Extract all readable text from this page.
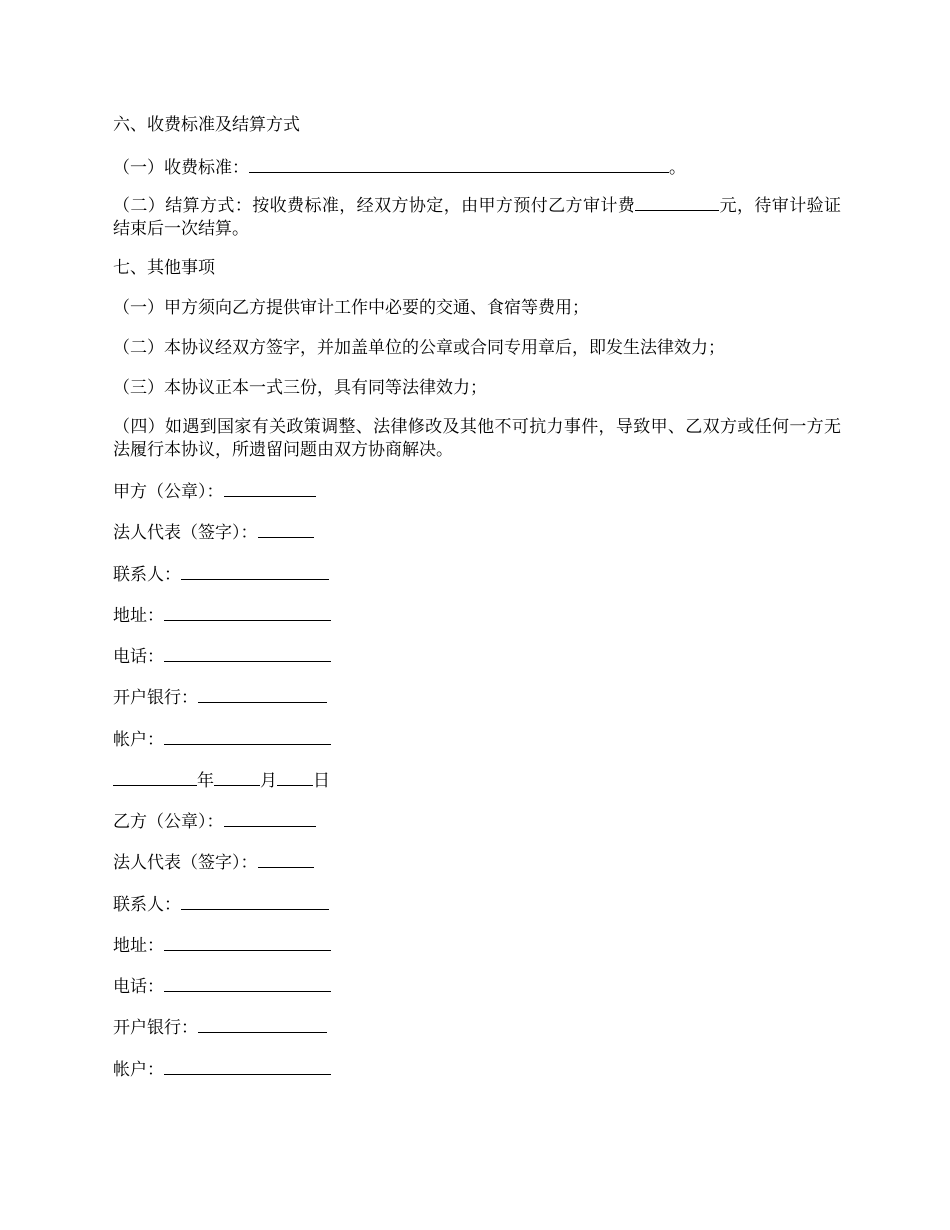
六、收费标准及结算方式
（一）收费标准：	。
（二）结算方式：按收费标准，经双方协定，由甲方预付乙方审计费	元，待审计验证结束后一次结算。
七、其他事项
（一）甲方须向乙方提供审计工作中必要的交通、食宿等费用；
（二）本协议经双方签字，并加盖单位的公章或合同专用章后，即发生法律效力；
（三）本协议正本一式三份，具有同等法律效力；
（四）如遇到国家有关政策调整、法律修改及其他不可抗力事件，导致甲、乙双方或任何一方无法履行本协议，所遗留问题由双方协商解决。
甲方（公章）：
法人代表（签字）：
联系人：
地址：
电话：
开户银行：
帐户：
年	月 日
乙方（公章）：
法人代表（签字）：
联系人：
地址：
电话：
开户银行：
帐户：
